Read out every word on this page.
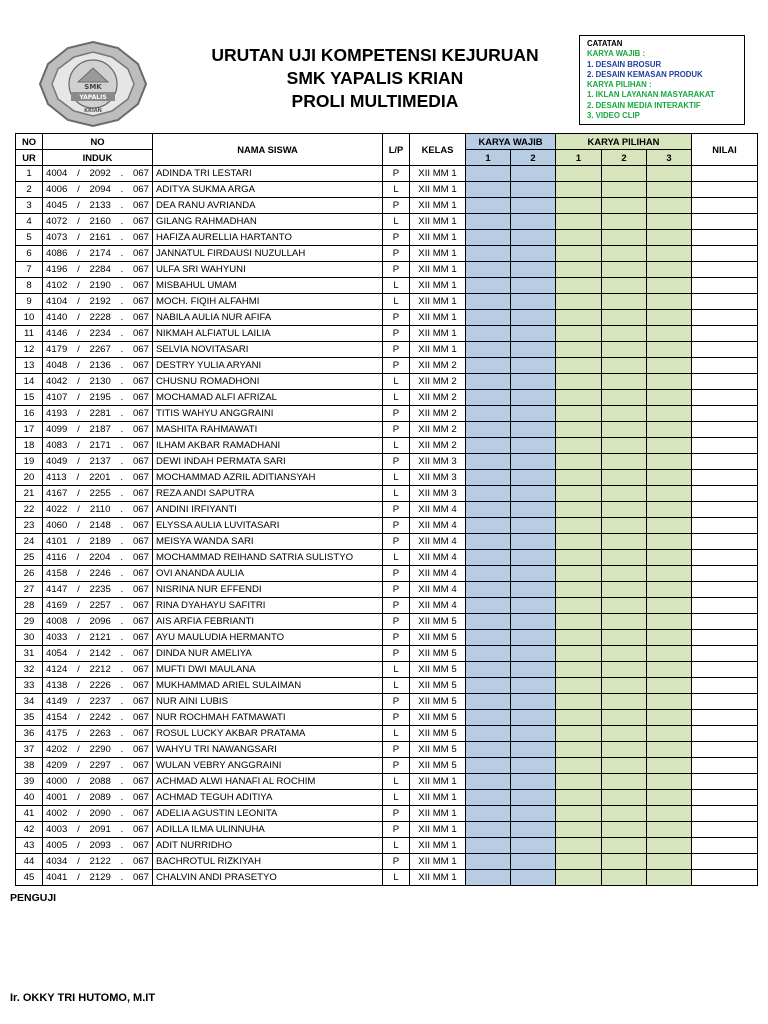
SMK
YAPALIS
KRIAN
URUTAN UJI KOMPETENSI KEJURUAN
SMK YAPALIS KRIAN
PROLI MULTIMEDIA
CATATAN
KARYA WAJIB :
1. DESAIN BROSUR
2. DESAIN KEMASAN PRODUK
KARYA PILIHAN :
1. IKLAN LAYANAN MASYARAKAT
2. DESAIN MEDIA INTERAKTIF
3. VIDEO CLIP
NO	NO	NAMA SISWA	L/P	KELAS	KARYA WAJIB		KARYA PILIHAN			NILAI
UR	INDUK				1	2	1	2	3	
1	4004 / 2092 . 067	ADINDA TRI LESTARI	P	XII MM 1						
2	4006 / 2094 . 067	ADITYA SUKMA ARGA	L	XII MM 1						
3	4045 / 2133 . 067	DEA RANU AVRIANDA	P	XII MM 1						
4	4072 / 2160 . 067	GILANG RAHMADHAN	L	XII MM 1						
5	4073 / 2161 . 067	HAFIZA AURELLIA HARTANTO	P	XII MM 1						
6	4086 / 2174 . 067	JANNATUL FIRDAUSI NUZULLAH	P	XII MM 1						
7	4196 / 2284 . 067	ULFA SRI WAHYUNI	P	XII MM 1						
8	4102 / 2190 . 067	MISBAHUL UMAM	L	XII MM 1						
9	4104 / 2192 . 067	MOCH. FIQIH ALFAHMI	L	XII MM 1						
10	4140 / 2228 . 067	NABILA AULIA NUR AFIFA	P	XII MM 1						
11	4146 / 2234 . 067	NIKMAH ALFIATUL LAILIA	P	XII MM 1						
12	4179 / 2267 . 067	SELVIA NOVITASARI	P	XII MM 1						
13	4048 / 2136 . 067	DESTRY YULIA ARYANI	P	XII MM 2						
14	4042 / 2130 . 067	CHUSNU ROMADHONI	L	XII MM 2						
15	4107 / 2195 . 067	MOCHAMAD ALFI AFRIZAL	L	XII MM 2						
16	4193 / 2281 . 067	TITIS WAHYU ANGGRAINI	P	XII MM 2						
17	4099 / 2187 . 067	MASHITA RAHMAWATI	P	XII MM 2						
18	4083 / 2171 . 067	ILHAM AKBAR RAMADHANI	L	XII MM 2						
19	4049 / 2137 . 067	DEWI INDAH PERMATA SARI	P	XII MM 3						
20	4113 / 2201 . 067	MOCHAMMAD AZRIL ADITIANSYAH	L	XII MM 3						
21	4167 / 2255 . 067	REZA ANDI SAPUTRA	L	XII MM 3						
22	4022 / 2110 . 067	ANDINI IRFIYANTI	P	XII MM 4						
23	4060 / 2148 . 067	ELYSSA AULIA LUVITASARI	P	XII MM 4						
24	4101 / 2189 . 067	MEISYA WANDA SARI	P	XII MM 4						
25	4116 / 2204 . 067	MOCHAMMAD REIHAND SATRIA SULISTYO	L	XII MM 4						
26	4158 / 2246 . 067	OVI ANANDA AULIA	P	XII MM 4						
27	4147 / 2235 . 067	NISRINA NUR EFFENDI	P	XII MM 4						
28	4169 / 2257 . 067	RINA DYAHAYU SAFITRI	P	XII MM 4						
29	4008 / 2096 . 067	AIS ARFIA FEBRIANTI	P	XII MM 5						
30	4033 / 2121 . 067	AYU MAULUDIA HERMANTO	P	XII MM 5						
31	4054 / 2142 . 067	DINDA NUR AMELIYA	P	XII MM 5						
32	4124 / 2212 . 067	MUFTI DWI MAULANA	L	XII MM 5						
33	4138 / 2226 . 067	MUKHAMMAD ARIEL SULAIMAN	L	XII MM 5						
34	4149 / 2237 . 067	NUR AINI LUBIS	P	XII MM 5						
35	4154 / 2242 . 067	NUR ROCHMAH FATMAWATI	P	XII MM 5						
36	4175 / 2263 . 067	ROSUL LUCKY AKBAR PRATAMA	L	XII MM 5						
37	4202 / 2290 . 067	WAHYU TRI NAWANGSARI	P	XII MM 5						
38	4209 / 2297 . 067	WULAN VEBRY ANGGRAINI	P	XII MM 5						
39	4000 / 2088 . 067	ACHMAD ALWI HANAFI AL ROCHIM	L	XII MM 1						
40	4001 / 2089 . 067	ACHMAD TEGUH ADITIYA	L	XII MM 1						
41	4002 / 2090 . 067	ADELIA AGUSTIN LEONITA	P	XII MM 1						
42	4003 / 2091 . 067	ADILLA ILMA ULINNUHA	P	XII MM 1						
43	4005 / 2093 . 067	ADIT NURRIDHO	L	XII MM 1						
44	4034 / 2122 . 067	BACHROTUL RIZKIYAH	P	XII MM 1						
45	4041 / 2129 . 067	CHALVIN ANDI PRASETYO	L	XII MM 1						
PENGUJI
Ir. OKKY TRI HUTOMO, M.IT
